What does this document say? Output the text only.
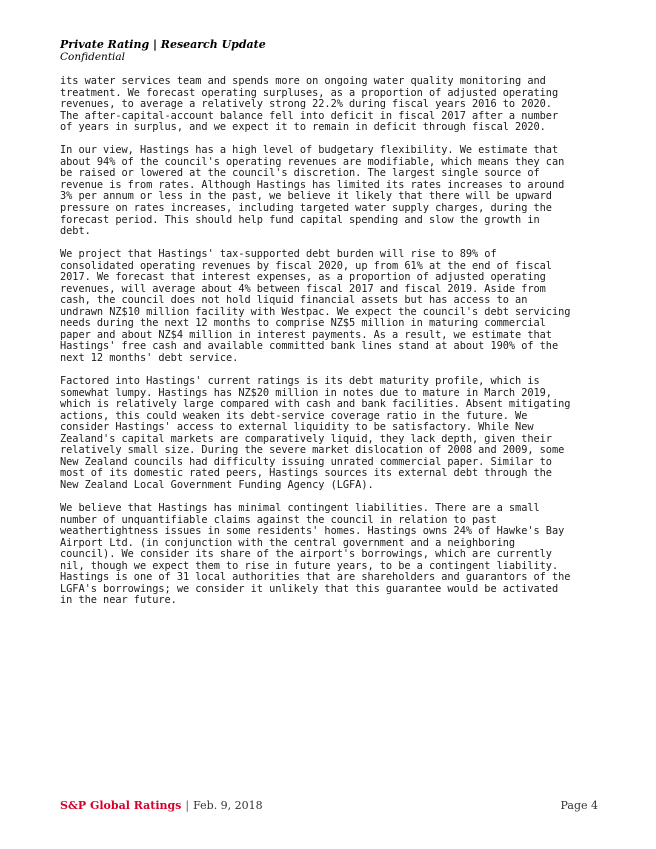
Private Rating | Research Update
Confidential

its water services team and spends more on ongoing water quality monitoring and
treatment. We forecast operating surpluses, as a proportion of adjusted operating
revenues, to average a relatively strong 22.2% during fiscal years 2016 to 2020.
The after-capital-account balance fell into deficit in fiscal 2017 after a number
of years in surplus, and we expect it to remain in deficit through fiscal 2020.

In our view, Hastings has a high level of budgetary flexibility. We estimate that
about 94% of the council's operating revenues are modifiable, which means they can
be raised or lowered at the council's discretion. The largest single source of
revenue is from rates. Although Hastings has limited its rates increases to around
3% per annum or less in the past, we believe it likely that there will be upward
pressure on rates increases, including targeted water supply charges, during the
forecast period. This should help fund capital spending and slow the growth in
debt.

We project that Hastings' tax-supported debt burden will rise to 89% of
consolidated operating revenues by fiscal 2020, up from 61% at the end of fiscal
2017. We forecast that interest expenses, as a proportion of adjusted operating
revenues, will average about 4% between fiscal 2017 and fiscal 2019. Aside from
cash, the council does not hold liquid financial assets but has access to an
undrawn NZ$10 million facility with Westpac. We expect the council's debt servicing
needs during the next 12 months to comprise NZ$5 million in maturing commercial
paper and about NZ$4 million in interest payments. As a result, we estimate that
Hastings' free cash and available committed bank lines stand at about 190% of the
next 12 months' debt service.

Factored into Hastings' current ratings is its debt maturity profile, which is
somewhat lumpy. Hastings has NZ$20 million in notes due to mature in March 2019,
which is relatively large compared with cash and bank facilities. Absent mitigating
actions, this could weaken its debt-service coverage ratio in the future. We
consider Hastings' access to external liquidity to be satisfactory. While New
Zealand's capital markets are comparatively liquid, they lack depth, given their
relatively small size. During the severe market dislocation of 2008 and 2009, some
New Zealand councils had difficulty issuing unrated commercial paper. Similar to
most of its domestic rated peers, Hastings sources its external debt through the
New Zealand Local Government Funding Agency (LGFA).

We believe that Hastings has minimal contingent liabilities. There are a small
number of unquantifiable claims against the council in relation to past
weathertightness issues in some residents' homes. Hastings owns 24% of Hawke's Bay
Airport Ltd. (in conjunction with the central government and a neighboring
council). We consider its share of the airport's borrowings, which are currently
nil, though we expect them to rise in future years, to be a contingent liability.
Hastings is one of 31 local authorities that are shareholders and guarantors of the
LGFA's borrowings; we consider it unlikely that this guarantee would be activated
in the near future.

S&P Global Ratings | Feb. 9, 2018	Page 4
